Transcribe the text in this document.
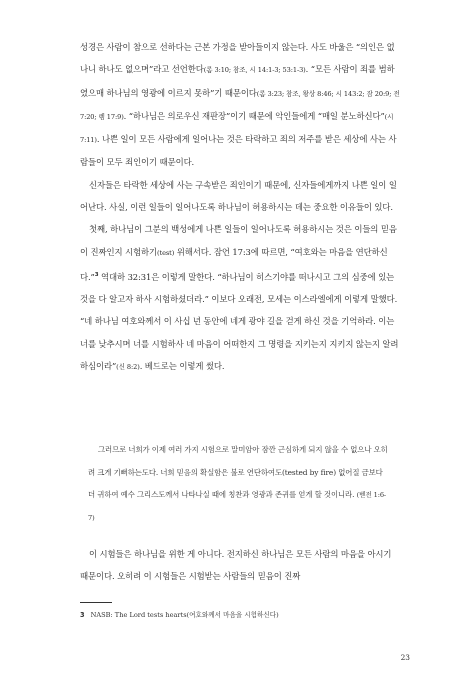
성경은 사람이 참으로 선하다는 근본 가정을 받아들이지 않는다. 사도 바울은 “의인은 없나니 하나도 없으며”라고 선언한다(롬 3:10; 참조, 시 14:1-3; 53:1-3). “모든 사람이 죄를 범하였으매 하나님의 영광에 이르지 못하”기 때문이다(롬 3:23; 참조, 왕상 8:46; 시 143:2; 잠 20:9; 전 7:20; 렘 17:9). “하나님은 의로우신 재판장”이기 때문에 악인들에게 “매일 분노하신다”(시 7:11). 나쁜 일이 모든 사람에게 일어나는 것은 타락하고 죄의 저주를 받은 세상에 사는 사람들이 모두 죄인이기 때문이다.

신자들은 타락한 세상에 사는 구속받은 죄인이기 때문에, 신자들에게까지 나쁜 일이 일어난다. 사실, 이런 일들이 일어나도록 하나님이 허용하시는 데는 중요한 이유들이 있다.

첫째, 하나님이 그분의 백성에게 나쁜 일들이 일어나도록 허용하시는 것은 이들의 믿음이 진짜인지 시험하기(test) 위해서다. 잠언 17:3에 따르면, “여호와는 마음을 연단하신다.”$^3$ 역대하 32:31은 이렇게 말한다. “하나님이 히스기야를 떠나시고 그의 심중에 있는 것을 다 알고자 하사 시험하셨더라.” 이보다 오래전, 모세는 이스라엘에게 이렇게 말했다. “네 하나님 여호와께서 이 사십 년 동안에 네게 광야 길을 걷게 하신 것을 기억하라. 이는 너를 낮추시며 너를 시험하사 네 마음이 어떠한지 그 명령을 지키는지 지키지 않는지 알려 하심이라”(신 8:2). 베드로는 이렇게 썼다.

그러므로 너희가 이제 여러 가지 시험으로 말미암아 잠깐 근심하게 되지 않을 수 없으나 오히려 크게 기뻐하는도다. 너희 믿음의 확실함은 불로 연단하여도(tested by fire) 없어질 금보다 더 귀하여 예수 그리스도께서 나타나실 때에 칭찬과 영광과 존귀를 얻게 할 것이니라. (벧전 1:6-7)

이 시험들은 하나님을 위한 게 아니다. 전지하신 하나님은 모든 사람의 마음을 아시기 때문이다. 오히려 이 시험들은 시험받는 사람들의 믿음이 진짜

3 NASB: The Lord tests hearts(여호와께서 마음을 시험하신다)
23
